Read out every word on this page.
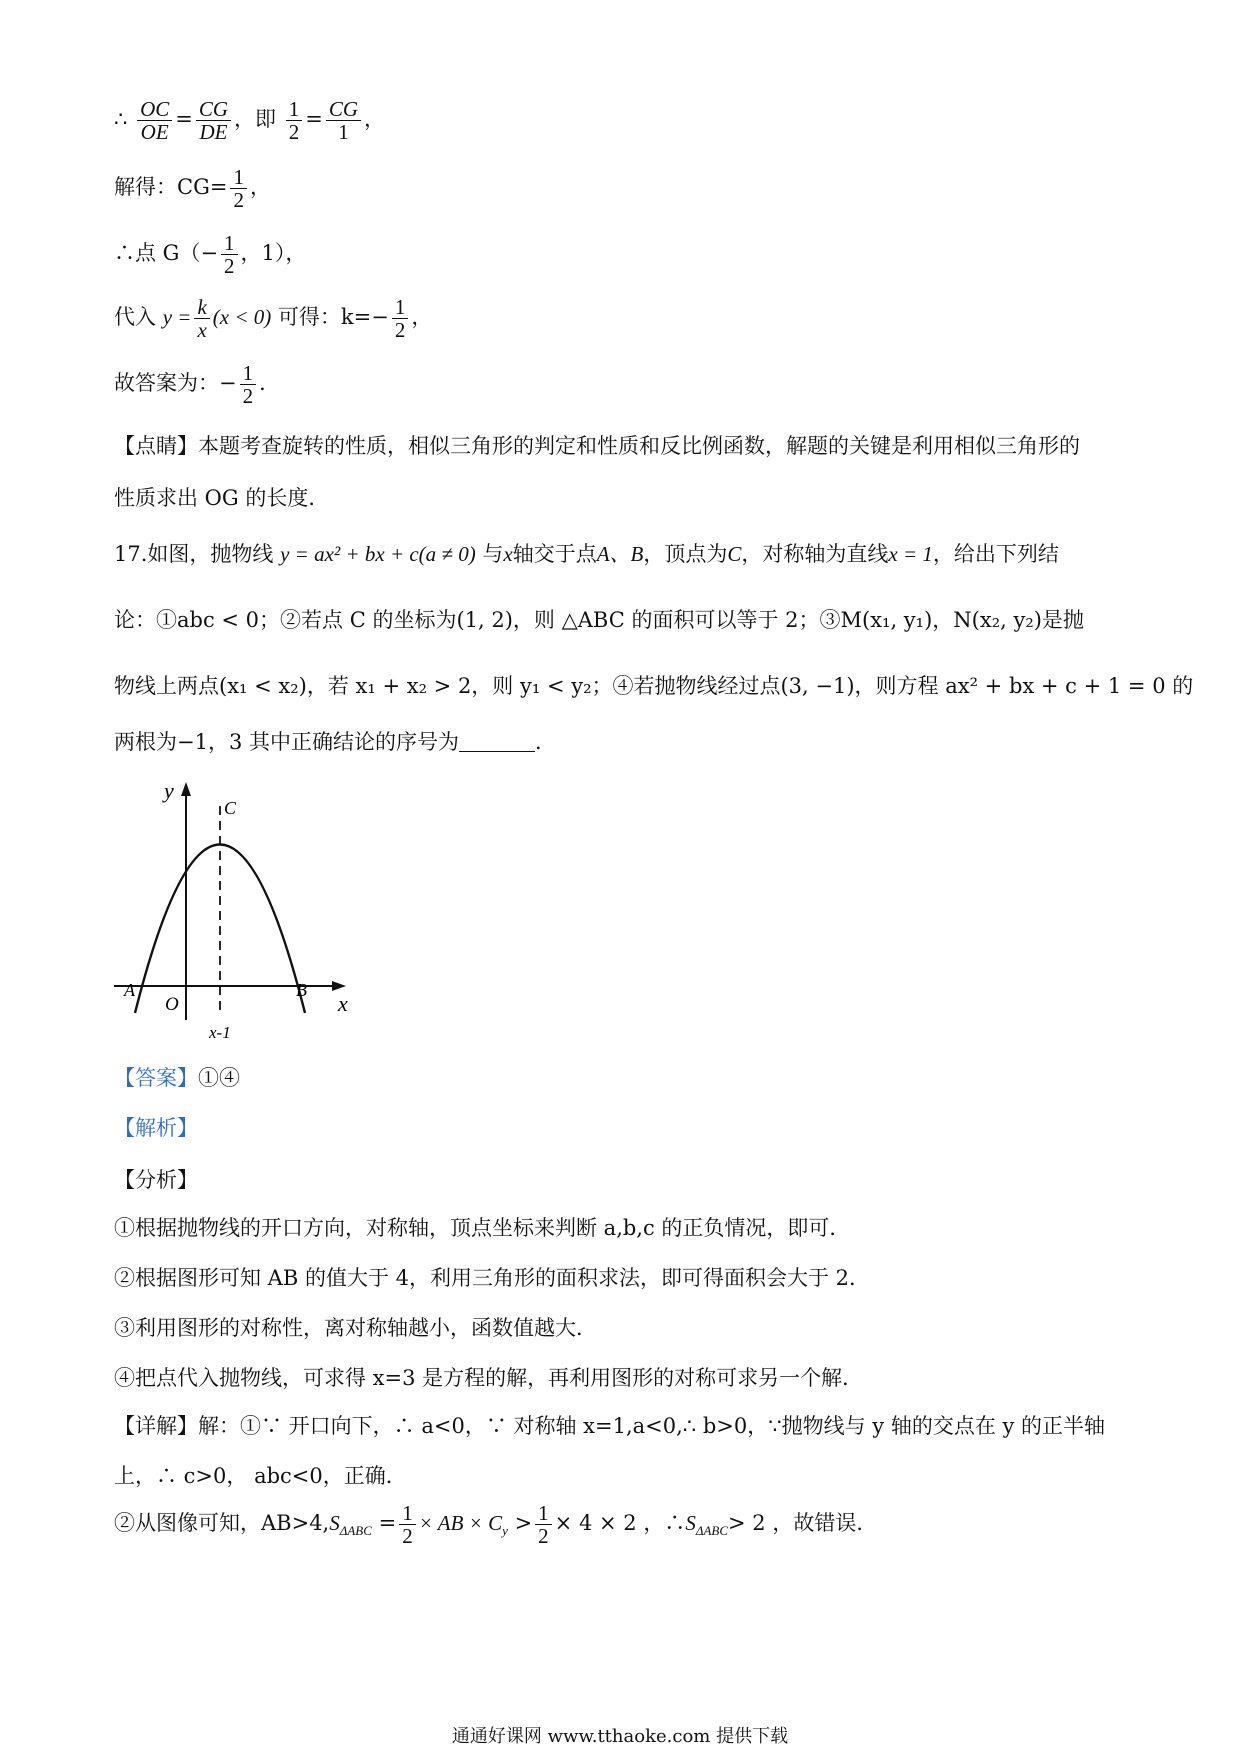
∴ $\frac{OC}{OE} = \frac{CG}{DE}$ ，即 $\frac{1}{2} = \frac{CG}{1}$ ，
解得：$CG= \frac{1}{2}$ ，
∴点 $G(- \frac{1}{2}$ ，1），
代入 $y = \frac{k}{x} (x < 0)$ 可得：$k=- \frac{1}{2}$ ，
故答案为：− $\frac{1}{2}$ ．
【点睛】本题考查旋转的性质，相似三角形的判定和性质和反比例函数，解题的关键是利用相似三角形的
性质求出 OG 的长度．
17.如图，抛物线 y = ax² + bx + c(a ≠ 0) 与x轴交于点A、B，顶点为C，对称轴为直线x = 1，给出下列结
论：①abc < 0；②若点 C 的坐标为(1, 2)，则 △ABC 的面积可以等于 2；③M(x₁, y₁)，N(x₂, y₂)是抛
物线上两点(x₁ < x₂)，若 x₁ + x₂ > 2，则 y₁ < y₂；④若抛物线经过点(3, −1)，则方程 ax² + bx + c + 1 = 0 的
两根为−1，3 其中正确结论的序号为	．
y
x
O
A	B
C
x-1
【答案】①④
【解析】
【分析】
①根据抛物线的开口方向，对称轴，顶点坐标来判断 a,b,c 的正负情况，即可．
②根据图形可知 AB 的值大于 4，利用三角形的面积求法，即可得面积会大于 2．
③利用图形的对称性，离对称轴越小，函数值越大．
④把点代入抛物线，可求得 x=3 是方程的解，再利用图形的对称可求另一个解．
【详解】解：①∵ 开口向下，∴ a<0，∵ 对称轴 x=1,a<0,∴ b>0，∵抛物线与 y 轴的交点在 y 的正半轴
上，∴ c>0， abc<0，正确．
②从图像可知，$AB>4,S_{\Delta ABC} = \frac{1}{2}$ × AB × $C_y > \frac{1}{2} \times 4 \times 2$ ，$\therefore S_{\Delta ABC}> 2$ ，故错误．
通通好课网 www.tthaoke.com 提供下载
